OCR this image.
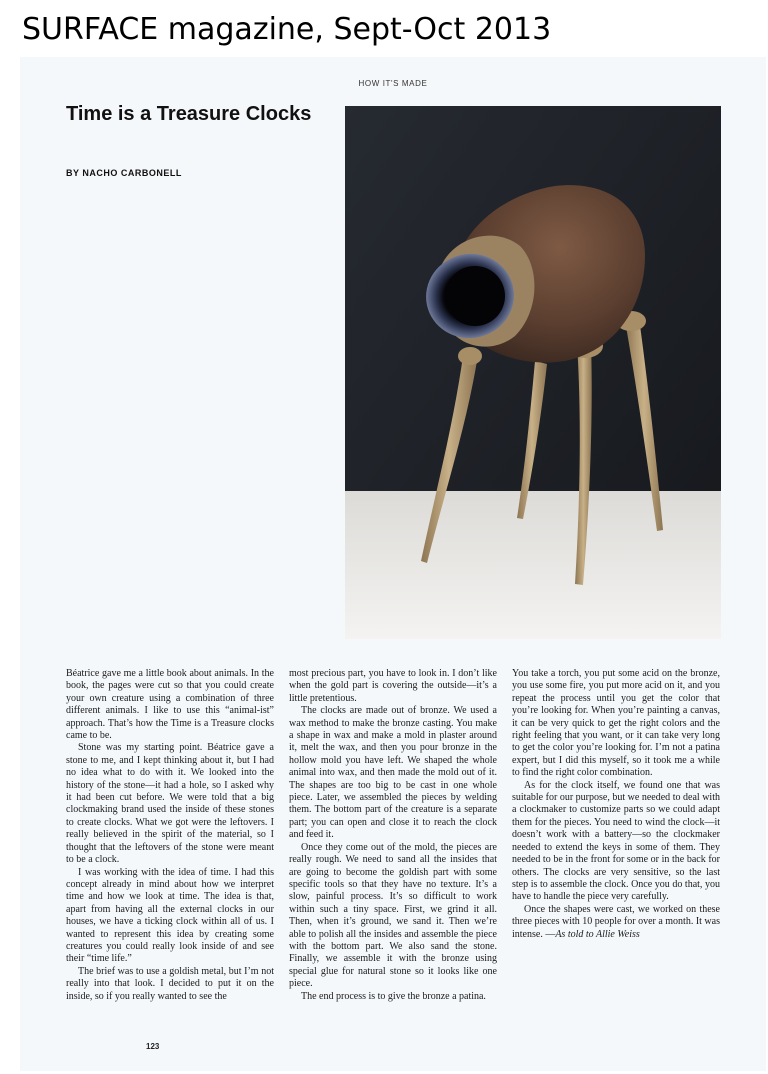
SURFACE magazine, Sept-Oct 2013
HOW IT'S MADE
Time is a Treasure Clocks
BY NACHO CARBONELL

Béatrice gave me a little book about animals. In the book, the pages were cut so that you could create your own creature using a combination of three different animals. I like to use this “animal-ist” approach. That’s how the Time is a Treasure clocks came to be.

Stone was my starting point. Béatrice gave a stone to me, and I kept thinking about it, but I had no idea what to do with it. We looked into the history of the stone—it had a hole, so I asked why it had been cut before. We were told that a big clockmaking brand used the inside of these stones to create clocks. What we got were the leftovers. I really believed in the spirit of the material, so I thought that the leftovers of the stone were meant to be a clock.

I was working with the idea of time. I had this concept already in mind about how we interpret time and how we look at time. The idea is that, apart from having all the external clocks in our houses, we have a ticking clock within all of us. I wanted to represent this idea by creating some creatures you could really look inside of and see their “time life.”

The brief was to use a goldish metal, but I’m not really into that look. I decided to put it on the inside, so if you really wanted to see the

most precious part, you have to look in. I don’t like when the gold part is covering the outside—it’s a little pretentious.

The clocks are made out of bronze. We used a wax method to make the bronze casting. You make a shape in wax and make a mold in plaster around it, melt the wax, and then you pour bronze in the hollow mold you have left. We shaped the whole animal into wax, and then made the mold out of it. The shapes are too big to be cast in one whole piece. Later, we assembled the pieces by welding them. The bottom part of the creature is a separate part; you can open and close it to reach the clock and feed it.

Once they come out of the mold, the pieces are really rough. We need to sand all the insides that are going to become the goldish part with some specific tools so that they have no texture. It’s a slow, painful process. It’s so difficult to work within such a tiny space. First, we grind it all. Then, when it’s ground, we sand it. Then we’re able to polish all the insides and assemble the piece with the bottom part. We also sand the stone. Finally, we assemble it with the bronze using special glue for natural stone so it looks like one piece.

The end process is to give the bronze a patina.

You take a torch, you put some acid on the bronze, you use some fire, you put more acid on it, and you repeat the process until you get the color that you’re looking for. When you’re painting a canvas, it can be very quick to get the right colors and the right feeling that you want, or it can take very long to get the color you’re looking for. I’m not a patina expert, but I did this myself, so it took me a while to find the right color combination.

As for the clock itself, we found one that was suitable for our purpose, but we needed to deal with a clockmaker to customize parts so we could adapt them for the pieces. You need to wind the clock—it doesn’t work with a battery—so the clockmaker needed to extend the keys in some of them. They needed to be in the front for some or in the back for others. The clocks are very sensitive, so the last step is to assemble the clock. Once you do that, you have to handle the piece very carefully.

Once the shapes were cast, we worked on these three pieces with 10 people for over a month. It was intense. —As told to Allie Weiss

123
